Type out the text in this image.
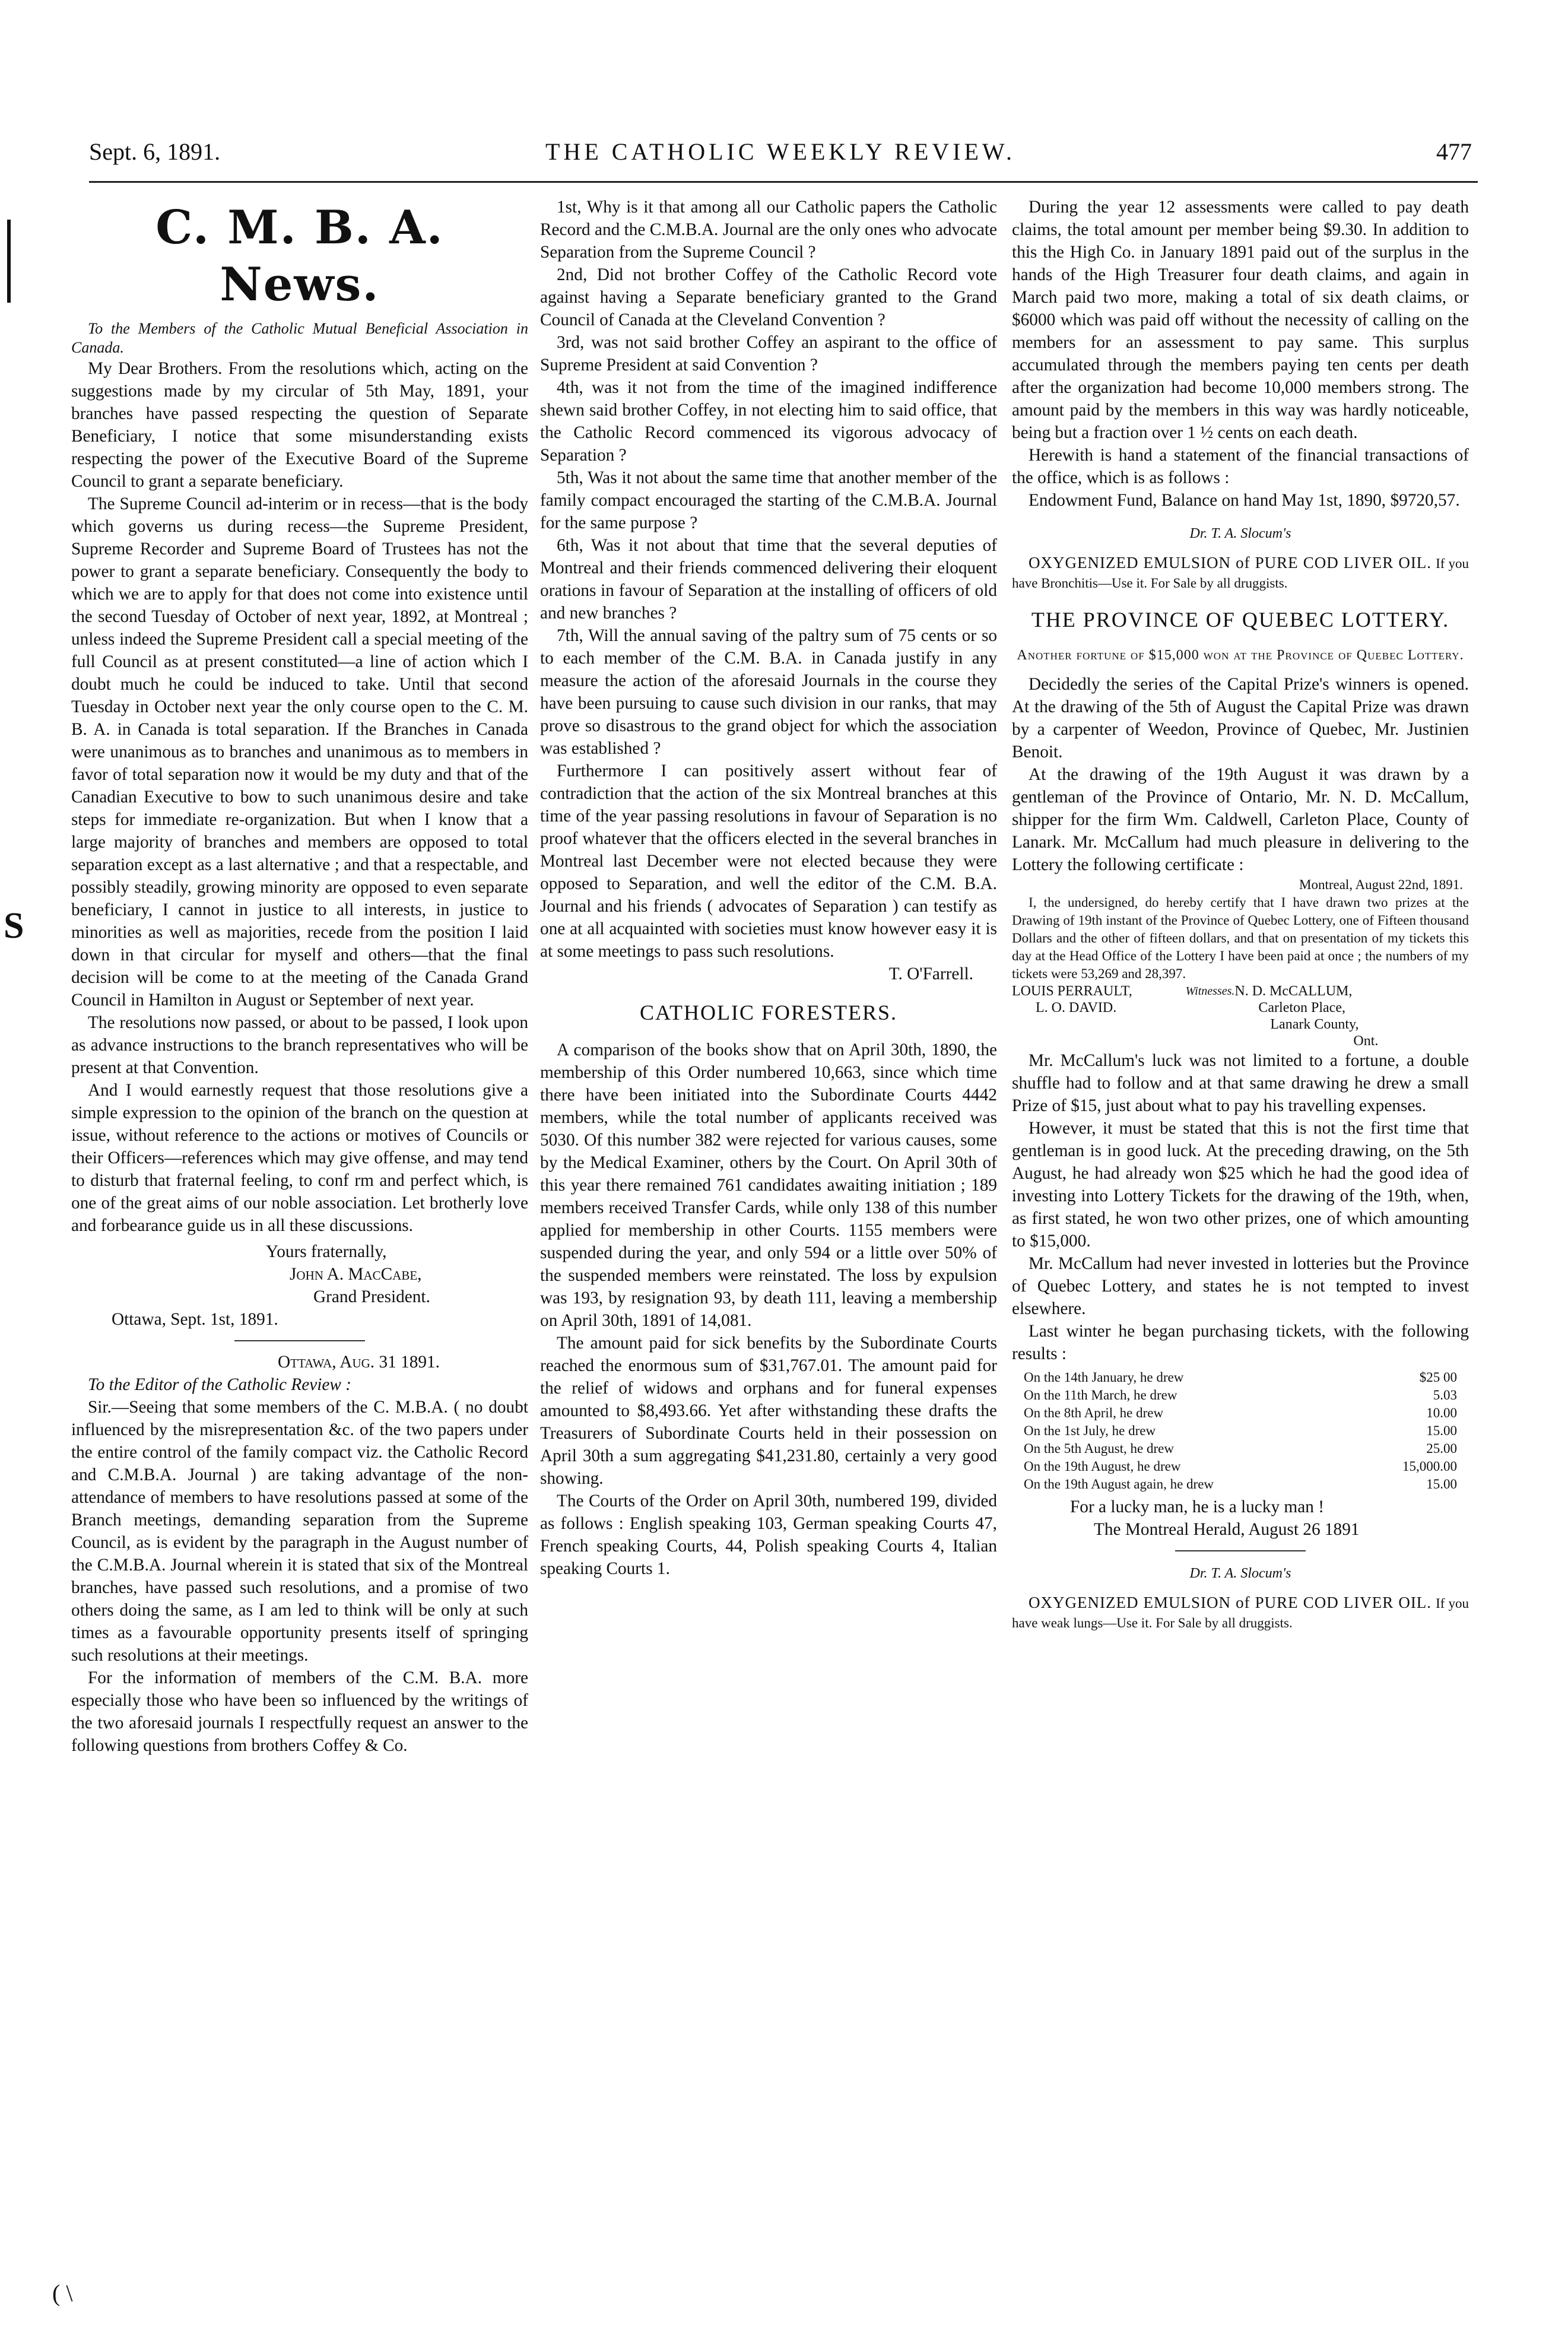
S
Sept. 6, 1891.	THE CATHOLIC WEEKLY REVIEW.	477
C. M. B. A. News.

To the Members of the Catholic Mutual Beneficial Association in Canada.

My Dear Brothers. From the resolutions which, acting on the suggestions made by my circular of 5th May, 1891, your branches have passed respecting the question of Separate Beneficiary, I notice that some misunderstanding exists respecting the power of the Executive Board of the Supreme Council to grant a separate beneficiary.

The Supreme Council ad-interim or in recess—that is the body which governs us during recess—the Supreme President, Supreme Recorder and Supreme Board of Trustees has not the power to grant a separate beneficiary. Consequently the body to which we are to apply for that does not come into existence until the second Tuesday of October of next year, 1892, at Montreal ; unless indeed the Supreme President call a special meeting of the full Council as at present constituted—a line of action which I doubt much he could be induced to take. Until that second Tuesday in October next year the only course open to the C. M. B. A. in Canada is total separation. If the Branches in Canada were unanimous as to branches and unanimous as to members in favor of total separation now it would be my duty and that of the Canadian Executive to bow to such unanimous desire and take steps for immediate re-organization. But when I know that a large majority of branches and members are opposed to total separation except as a last alternative ; and that a respectable, and possibly steadily, growing minority are opposed to even separate beneficiary, I cannot in justice to all interests, in justice to minorities as well as majorities, recede from the position I laid down in that circular for myself and others—that the final decision will be come to at the meeting of the Canada Grand Council in Hamilton in August or September of next year.

The resolutions now passed, or about to be passed, I look upon as advance instructions to the branch representatives who will be present at that Convention.

And I would earnestly request that those resolutions give a simple expression to the opinion of the branch on the question at issue, without reference to the actions or motives of Councils or their Officers—references which may give offense, and may tend to disturb that fraternal feeling, to conf rm and perfect which, is one of the great aims of our noble association. Let brotherly love and forbearance guide us in all these discussions.

Yours fraternally,

John A. MacCabe,

Grand President.

Ottawa, Sept. 1st, 1891.

Ottawa, Aug. 31 1891.

To the Editor of the Catholic Review :

Sir.—Seeing that some members of the C. M.B.A. ( no doubt influenced by the misrepresentation &c. of the two papers under the entire control of the family compact viz. the Catholic Record and C.M.B.A. Journal ) are taking advantage of the non-attendance of members to have resolutions passed at some of the Branch meetings, demanding separation from the Supreme Council, as is evident by the paragraph in the August number of the C.M.B.A. Journal wherein it is stated that six of the Montreal branches, have passed such resolutions, and a promise of two others doing the same, as I am led to think will be only at such times as a favourable opportunity presents itself of springing such resolutions at their meetings.

For the information of members of the C.M. B.A. more especially those who have been so influenced by the writings of the two aforesaid journals I respectfully request an answer to the following questions from brothers Coffey & Co.

1st, Why is it that among all our Catholic papers the Catholic Record and the C.M.B.A. Journal are the only ones who advocate Separation from the Supreme Council ?

2nd, Did not brother Coffey of the Catholic Record vote against having a Separate beneficiary granted to the Grand Council of Canada at the Cleveland Convention ?

3rd, was not said brother Coffey an aspirant to the office of Supreme President at said Convention ?

4th, was it not from the time of the imagined indifference shewn said brother Coffey, in not electing him to said office, that the Catholic Record commenced its vigorous advocacy of Separation ?

5th, Was it not about the same time that another member of the family compact encouraged the starting of the C.M.B.A. Journal for the same purpose ?

6th, Was it not about that time that the several deputies of Montreal and their friends commenced delivering their eloquent orations in favour of Separation at the installing of officers of old and new branches ?

7th, Will the annual saving of the paltry sum of 75 cents or so to each member of the C.M. B.A. in Canada justify in any measure the action of the aforesaid Journals in the course they have been pursuing to cause such division in our ranks, that may prove so disastrous to the grand object for which the association was established ?

Furthermore I can positively assert without fear of contradiction that the action of the six Montreal branches at this time of the year passing resolutions in favour of Separation is no proof whatever that the officers elected in the several branches in Montreal last December were not elected because they were opposed to Separation, and well the editor of the C.M. B.A. Journal and his friends ( advocates of Separation ) can testify as one at all acquainted with societies must know however easy it is at some meetings to pass such resolutions.

T. O'Farrell.

CATHOLIC FORESTERS.

A comparison of the books show that on April 30th, 1890, the membership of this Order numbered 10,663, since which time there have been initiated into the Subordinate Courts 4442 members, while the total number of applicants received was 5030. Of this number 382 were rejected for various causes, some by the Medical Examiner, others by the Court. On April 30th of this year there remained 761 candidates awaiting initiation ; 189 members received Transfer Cards, while only 138 of this number applied for membership in other Courts. 1155 members were suspended during the year, and only 594 or a little over 50% of the suspended members were reinstated. The loss by expulsion was 193, by resignation 93, by death 111, leaving a membership on April 30th, 1891 of 14,081.

The amount paid for sick benefits by the Subordinate Courts reached the enormous sum of $31,767.01. The amount paid for the relief of widows and orphans and for funeral expenses amounted to $8,493.66. Yet after withstanding these drafts the Treasurers of Subordinate Courts held in their possession on April 30th a sum aggregating $41,231.80, certainly a very good showing.

The Courts of the Order on April 30th, numbered 199, divided as follows : English speaking 103, German speaking Courts 47, French speaking Courts, 44, Polish speaking Courts 4, Italian speaking Courts 1.

During the year 12 assessments were called to pay death claims, the total amount per member being $9.30. In addition to this the High Co. in January 1891 paid out of the surplus in the hands of the High Treasurer four death claims, and again in March paid two more, making a total of six death claims, or $6000 which was paid off without the necessity of calling on the members for an assessment to pay same. This surplus accumulated through the members paying ten cents per death after the organization had become 10,000 members strong. The amount paid by the members in this way was hardly noticeable, being but a fraction over 1 ½ cents on each death.

Herewith is hand a statement of the financial transactions of the office, which is as follows :

Endowment Fund, Balance on hand May 1st, 1890, $9720,57.

Dr. T. A. Slocum's

OXYGENIZED EMULSION of PURE COD LIVER OIL. If you have Bronchitis—Use it. For Sale by all druggists.

THE PROVINCE OF QUEBEC LOTTERY.
Another fortune of $15,000 won at the Province of Quebec Lottery.

Decidedly the series of the Capital Prize's winners is opened. At the drawing of the 5th of August the Capital Prize was drawn by a carpenter of Weedon, Province of Quebec, Mr. Justinien Benoit.

At the drawing of the 19th August it was drawn by a gentleman of the Province of Ontario, Mr. N. D. McCallum, shipper for the firm Wm. Caldwell, Carleton Place, County of Lanark. Mr. McCallum had much pleasure in delivering to the Lottery the following certificate :

Montreal, August 22nd, 1891.

I, the undersigned, do hereby certify that I have drawn two prizes at the Drawing of 19th instant of the Province of Quebec Lottery, one of Fifteen thousand Dollars and the other of fifteen dollars, and that on presentation of my tickets this day at the Head Office of the Lottery I have been paid at once ; the numbers of my tickets were 53,269 and 28,397.

LOUIS PERRAULT,
L. O. DAVID.
	Witnesses.	N. D. McCALLUM,
Carleton Place,
Lanark County,
Ont.

Mr. McCallum's luck was not limited to a fortune, a double shuffle had to follow and at that same drawing he drew a small Prize of $15, just about what to pay his travelling expenses.

However, it must be stated that this is not the first time that gentleman is in good luck. At the preceding drawing, on the 5th August, he had already won $25 which he had the good idea of investing into Lottery Tickets for the drawing of the 19th, when, as first stated, he won two other prizes, one of which amounting to $15,000.

Mr. McCallum had never invested in lotteries but the Province of Quebec Lottery, and states he is not tempted to invest elsewhere.

Last winter he began purchasing tickets, with the following results :

On the 14th January, he drew	$25 00
On the 11th March, he drew	5.03
On the 8th April, he drew	10.00
On the 1st July, he drew	15.00
On the 5th August, he drew	25.00
On the 19th August, he drew	15,000.00
On the 19th August again, he drew	15.00

For a lucky man, he is a lucky man !

The Montreal Herald, August 26 1891

Dr. T. A. Slocum's

OXYGENIZED EMULSION of PURE COD LIVER OIL. If you have weak lungs—Use it. For Sale by all druggists.

( \
